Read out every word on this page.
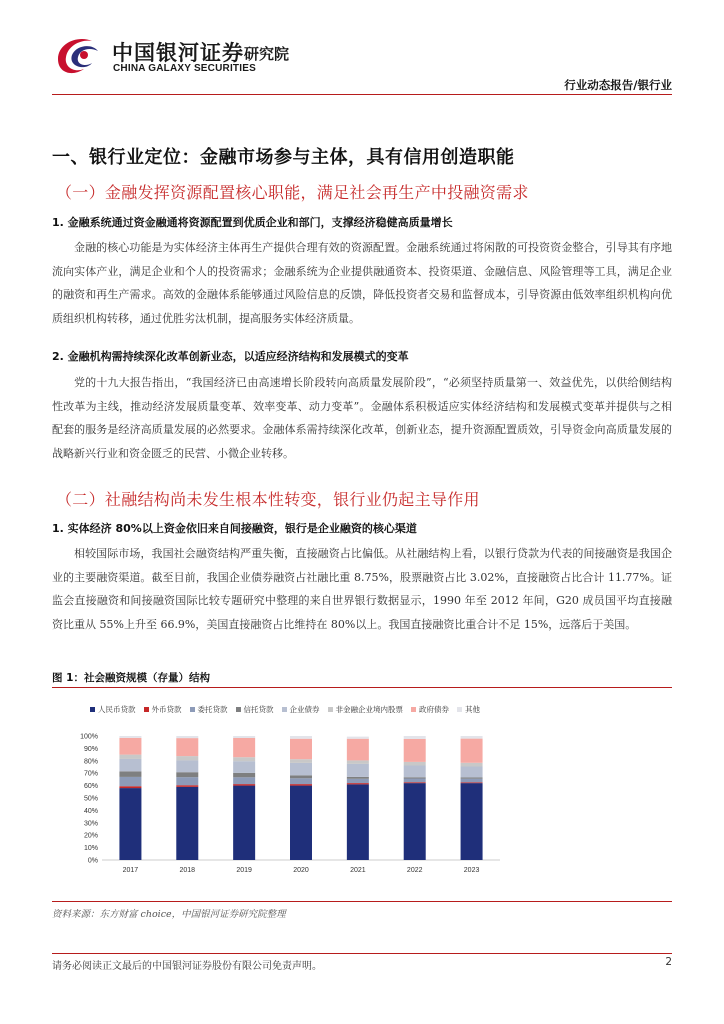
中国银河证券 研究院
CHINA GALAXY SECURITIES
行业动态报告/银行业
一、银行业定位：金融市场参与主体，具有信用创造职能
（一）金融发挥资源配置核心职能，满足社会再生产中投融资需求
1. 金融系统通过资金融通将资源配置到优质企业和部门，支撑经济稳健高质量增长

金融的核心功能是为实体经济主体再生产提供合理有效的资源配置。金融系统通过将闲散的可投资资金整合，引导其有序地流向实体产业，满足企业和个人的投资需求；金融系统为企业提供融通资本、投资渠道、金融信息、风险管理等工具，满足企业的融资和再生产需求。高效的金融体系能够通过风险信息的反馈，降低投资者交易和监督成本，引导资源由低效率组织机构向优质组织机构转移，通过优胜劣汰机制，提高服务实体经济质量。

2. 金融机构需持续深化改革创新业态，以适应经济结构和发展模式的变革

党的十九大报告指出，“我国经济已由高速增长阶段转向高质量发展阶段”，“必须坚持质量第一、效益优先，以供给侧结构性改革为主线，推动经济发展质量变革、效率变革、动力变革”。金融体系积极适应实体经济结构和发展模式变革并提供与之相配套的服务是经济高质量发展的必然要求。金融体系需持续深化改革，创新业态，提升资源配置质效，引导资金向高质量发展的战略新兴行业和资金匮乏的民营、小微企业转移。

（二）社融结构尚未发生根本性转变，银行业仍起主导作用
1. 实体经济 80%以上资金依旧来自间接融资，银行是企业融资的核心渠道

相较国际市场，我国社会融资结构严重失衡，直接融资占比偏低。从社融结构上看，以银行贷款为代表的间接融资是我国企业的主要融资渠道。截至目前，我国企业债券融资占社融比重 8.75%，股票融资占比 3.02%，直接融资占比合计 11.77%。证监会直接融资和间接融资国际比较专题研究中整理的来自世界银行数据显示，1990 年至 2012 年间，G20 成员国平均直接融资比重从 55%上升至 66.9%，美国直接融资占比维持在 80%以上。我国直接融资比重合计不足 15%，远落后于美国。

图 1：社会融资规模（存量）结构
人民币贷款 外币贷款 委托贷款 信托贷款 企业债券 非金融企业境内股票 政府债券 其他
0%
10%
20%
30%
40%
50%
60%
70%
80%
90%
100%
2017	2018	2019	2020	2021	2022	2023
资料来源：东方财富 choice，中国银河证券研究院整理
请务必阅读正文最后的中国银河证券股份有限公司免责声明。	2
